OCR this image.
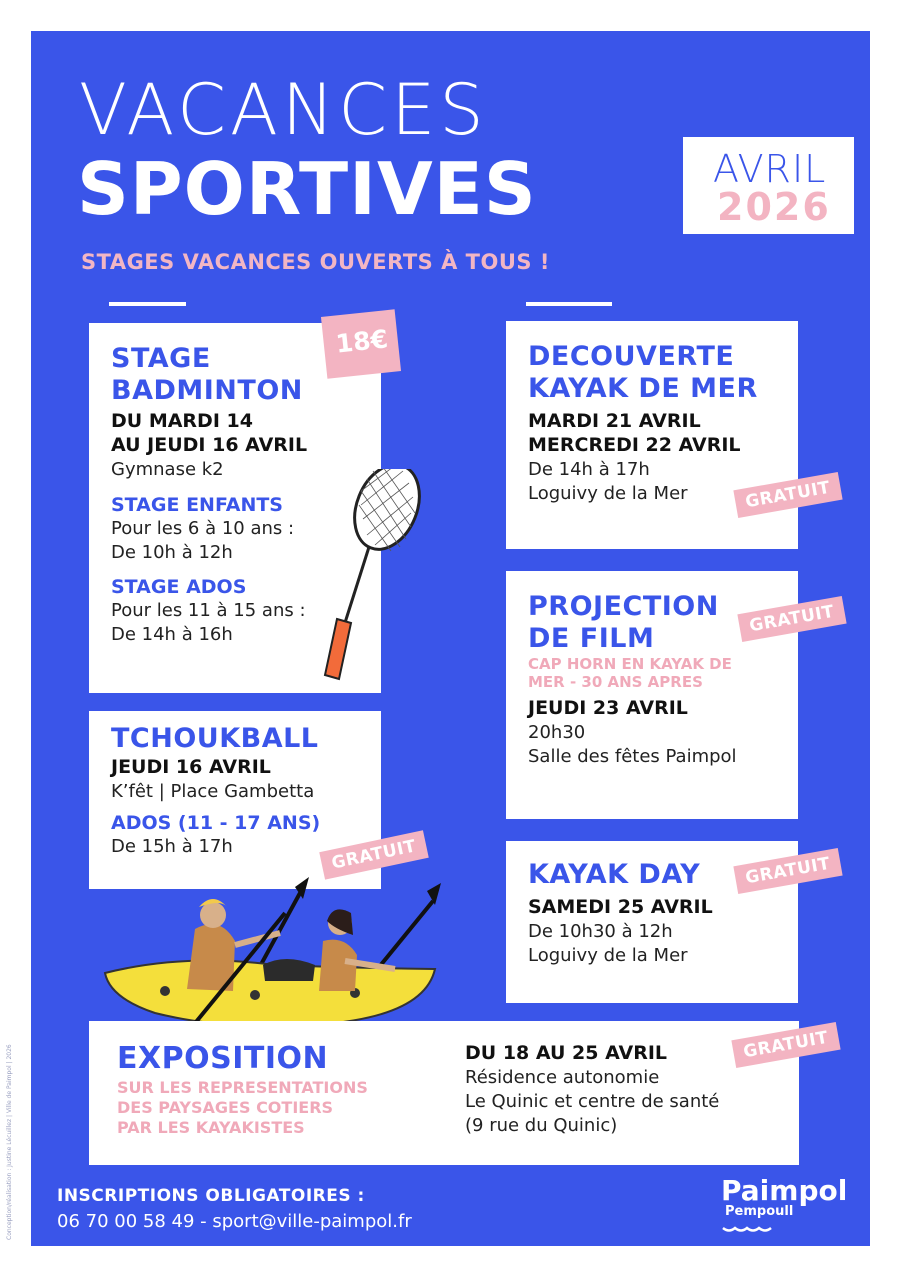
VACANCES
SPORTIVES	AVRIL
2026
STAGES VACANCES OUVERTS À TOUS !
STAGE
BADMINTON
DU MARDI 14
AU JEUDI 16 AVRIL
Gymnase k2
STAGE ENFANTS
Pour les 6 à 10 ans :
De 10h à 12h
STAGE ADOS
Pour les 11 à 15 ans :
De 14h à 16h
18€
TCHOUKBALL
JEUDI 16 AVRIL
K’fêt | Place Gambetta
ADOS (11 - 17 ANS)
De 15h à 17h	GRATUIT
DECOUVERTE
KAYAK DE MER
MARDI 21 AVRIL
MERCREDI 22 AVRIL
De 14h à 17h
Loguivy de la Mer	GRATUIT
PROJECTION
DE FILM
CAP HORN EN KAYAK DE
MER - 30 ANS APRES
JEUDI 23 AVRIL
20h30
Salle des fêtes Paimpol
GRATUIT
KAYAK DAY
SAMEDI 25 AVRIL
De 10h30 à 12h
Loguivy de la Mer
GRATUIT
EXPOSITION
SUR LES REPRESENTATIONS
DES PAYSAGES COTIERS
PAR LES KAYAKISTES
DU 18 AU 25 AVRIL
Résidence autonomie
Le Quinic et centre de santé
(9 rue du Quinic)
GRATUIT
INSCRIPTIONS OBLIGATOIRES :
06 70 00 58 49 - sport@ville-paimpol.fr
Paimpol
Pempoull
Conception/réalisation : Justine Lécuillez | Ville de Paimpol | 2026
